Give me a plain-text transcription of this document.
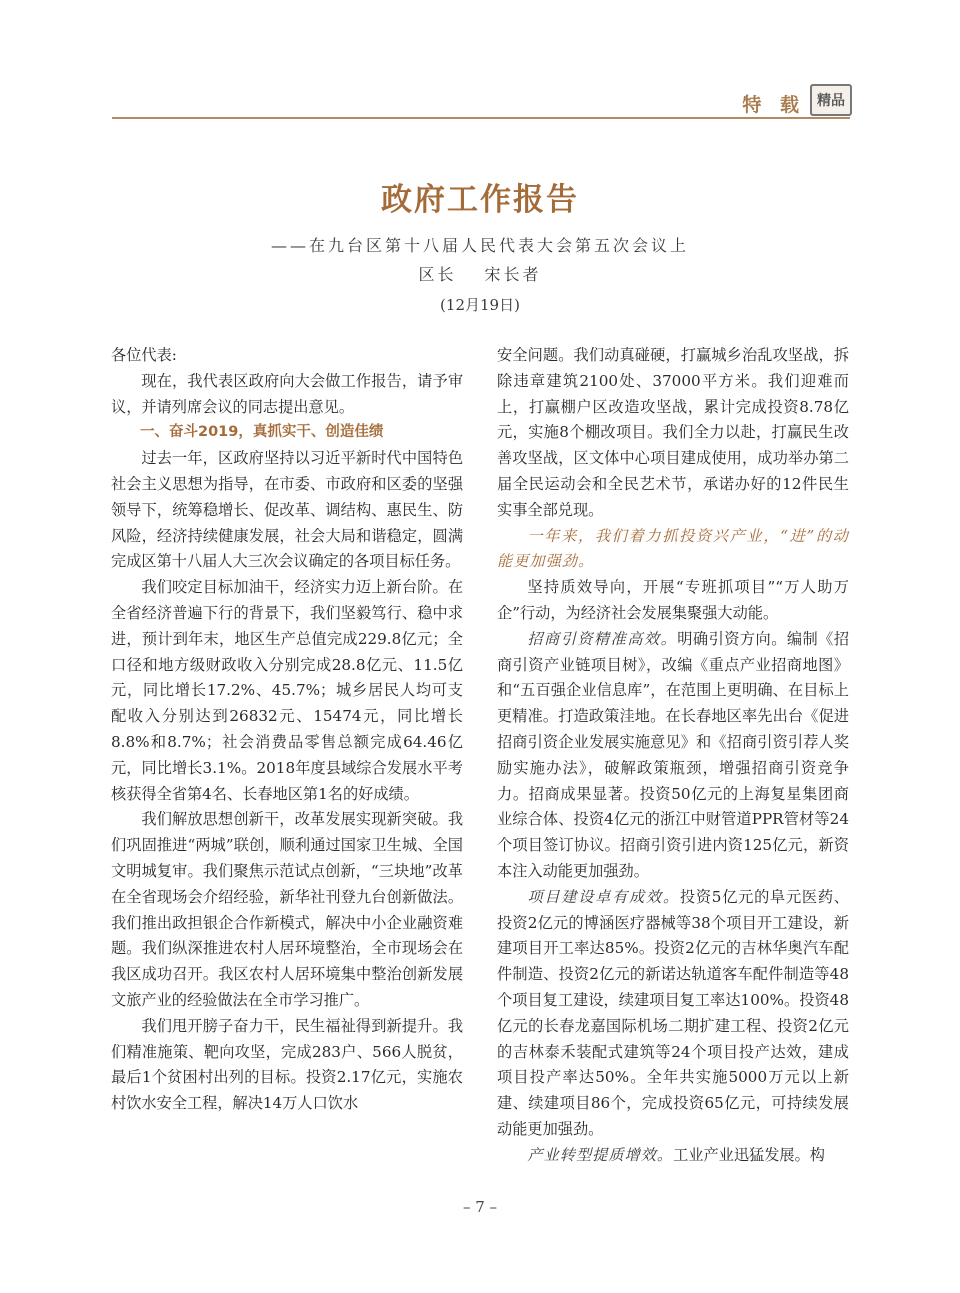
特 载 精品
政府工作报告
——在九台区第十八届人民代表大会第五次会议上
区长 宋长者
(12月19日)

各位代表:

现在，我代表区政府向大会做工作报告，请予审议，并请列席会议的同志提出意见。

一、奋斗2019，真抓实干、创造佳绩

过去一年，区政府坚持以习近平新时代中国特色社会主义思想为指导，在市委、市政府和区委的坚强领导下，统筹稳增长、促改革、调结构、惠民生、防风险，经济持续健康发展，社会大局和谐稳定，圆满完成区第十八届人大三次会议确定的各项目标任务。

我们咬定目标加油干，经济实力迈上新台阶。在全省经济普遍下行的背景下，我们坚毅笃行、稳中求进，预计到年末，地区生产总值完成229.8亿元；全口径和地方级财政收入分别完成28.8亿元、11.5亿元，同比增长17.2%、45.7%；城乡居民人均可支配收入分别达到26832元、15474元，同比增长8.8%和8.7%；社会消费品零售总额完成64.46亿元，同比增长3.1%。2018年度县域综合发展水平考核获得全省第4名、长春地区第1名的好成绩。

我们解放思想创新干，改革发展实现新突破。我们巩固推进“两城”联创，顺利通过国家卫生城、全国文明城复审。我们聚焦示范试点创新，“三块地”改革在全省现场会介绍经验，新华社刊登九台创新做法。我们推出政担银企合作新模式，解决中小企业融资难题。我们纵深推进农村人居环境整治，全市现场会在我区成功召开。我区农村人居环境集中整治创新发展文旅产业的经验做法在全市学习推广。

我们甩开膀子奋力干，民生福祉得到新提升。我们精准施策、靶向攻坚，完成283户、566人脱贫，最后1个贫困村出列的目标。投资2.17亿元，实施农村饮水安全工程，解决14万人口饮水

安全问题。我们动真碰硬，打赢城乡治乱攻坚战，拆除违章建筑2100处、37000平方米。我们迎难而上，打赢棚户区改造攻坚战，累计完成投资8.78亿元，实施8个棚改项目。我们全力以赴，打赢民生改善攻坚战，区文体中心项目建成使用，成功举办第二届全民运动会和全民艺术节，承诺办好的12件民生实事全部兑现。

一年来，我们着力抓投资兴产业，“进”的动能更加强劲。

坚持质效导向，开展“专班抓项目”“万人助万企”行动，为经济社会发展集聚强大动能。

招商引资精准高效。明确引资方向。编制《招商引资产业链项目树》，改编《重点产业招商地图》和“五百强企业信息库”，在范围上更明确、在目标上更精准。打造政策洼地。在长春地区率先出台《促进招商引资企业发展实施意见》和《招商引资引荐人奖励实施办法》，破解政策瓶颈，增强招商引资竞争力。招商成果显著。投资50亿元的上海复星集团商业综合体、投资4亿元的浙江中财管道PPR管材等24个项目签订协议。招商引资引进内资125亿元，新资本注入动能更加强劲。

项目建设卓有成效。投资5亿元的阜元医药、投资2亿元的博涵医疗器械等38个项目开工建设，新建项目开工率达85%。投资2亿元的吉林华奥汽车配件制造、投资2亿元的新诺达轨道客车配件制造等48个项目复工建设，续建项目复工率达100%。投资48亿元的长春龙嘉国际机场二期扩建工程、投资2亿元的吉林泰禾装配式建筑等24个项目投产达效，建成项目投产率达50%。全年共实施5000万元以上新建、续建项目86个，完成投资65亿元，可持续发展动能更加强劲。

产业转型提质增效。工业产业迅猛发展。构

– 7 –
